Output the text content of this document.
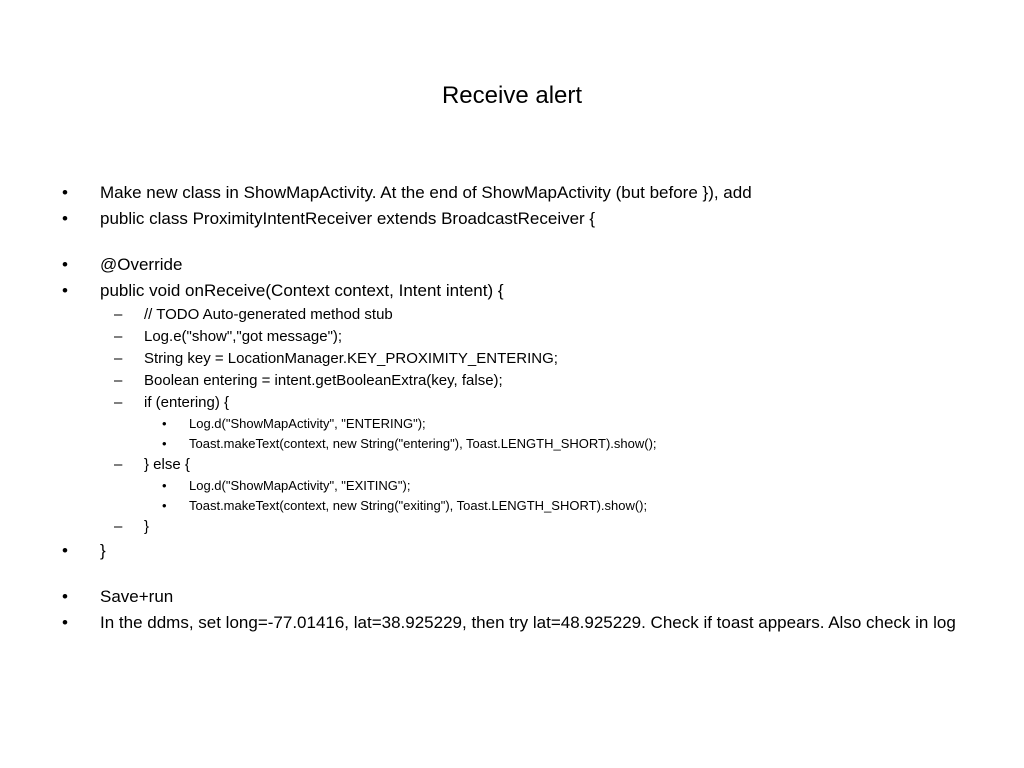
Receive alert
• Make new class in ShowMapActivity. At the end of ShowMapActivity (but before }), add
• public class ProximityIntentReceiver extends BroadcastReceiver {
• @Override
• public void onReceive(Context context, Intent intent) {
– // TODO Auto-generated method stub
– Log.e("show","got message");
– String key = LocationManager.KEY_PROXIMITY_ENTERING;
– Boolean entering = intent.getBooleanExtra(key, false);
– if (entering) {
• Log.d("ShowMapActivity", "ENTERING");
• Toast.makeText(context, new String("entering"), Toast.LENGTH_SHORT).show();
– } else {
• Log.d("ShowMapActivity", "EXITING");
• Toast.makeText(context, new String("exiting"), Toast.LENGTH_SHORT).show();
– }
• }
• Save+run
• In the ddms, set long=-77.01416, lat=38.925229, then try lat=48.925229. Check if toast appears. Also check in log
